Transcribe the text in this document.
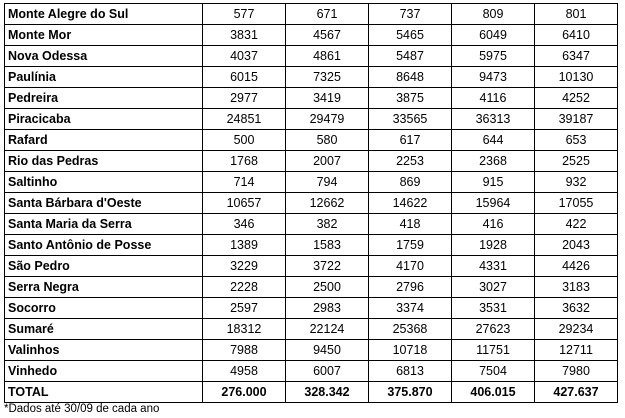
Monte Alegre do Sul	577	671	737	809	801
Monte Mor	3831	4567	5465	6049	6410
Nova Odessa	4037	4861	5487	5975	6347
Paulínia	6015	7325	8648	9473	10130
Pedreira	2977	3419	3875	4116	4252
Piracicaba	24851	29479	33565	36313	39187
Rafard	500	580	617	644	653
Rio das Pedras	1768	2007	2253	2368	2525
Saltinho	714	794	869	915	932
Santa Bárbara d'Oeste	10657	12662	14622	15964	17055
Santa Maria da Serra	346	382	418	416	422
Santo Antônio de Posse	1389	1583	1759	1928	2043
São Pedro	3229	3722	4170	4331	4426
Serra Negra	2228	2500	2796	3027	3183
Socorro	2597	2983	3374	3531	3632
Sumaré	18312	22124	25368	27623	29234
Valinhos	7988	9450	10718	11751	12711
Vinhedo	4958	6007	6813	7504	7980
TOTAL	276.000	328.342	375.870	406.015	427.637
*Dados até 30/09 de cada ano
